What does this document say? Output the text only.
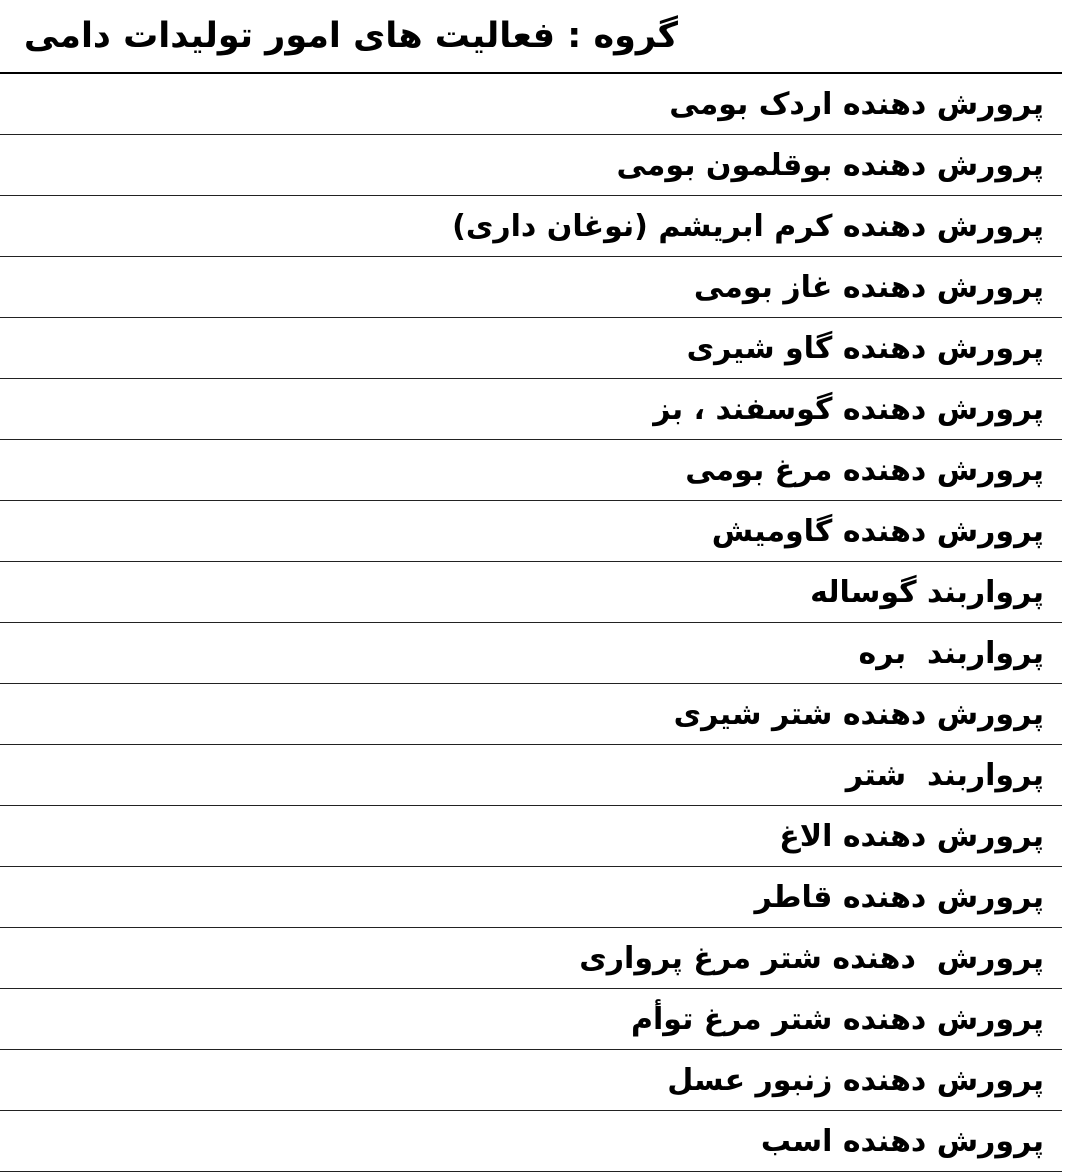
گروه : فعالیت های امور تولیدات دامی
پرورش دهنده اردک بومی
پرورش دهنده بوقلمون بومی
پرورش دهنده کرم ابریشم (نوغان داری)
پرورش دهنده غاز بومی
پرورش دهنده گاو شیری
پرورش دهنده گوسفند ، بز
پرورش دهنده مرغ بومی
پرورش دهنده گاومیش
پرواربند گوساله
پرواربند  بره
پرورش دهنده شتر شیری
پرواربند  شتر
پرورش دهنده الاغ
پرورش دهنده قاطر
پرورش  دهنده شتر مرغ پرواری
پرورش دهنده شتر مرغ توأم
پرورش دهنده زنبور عسل
پرورش دهنده اسب
